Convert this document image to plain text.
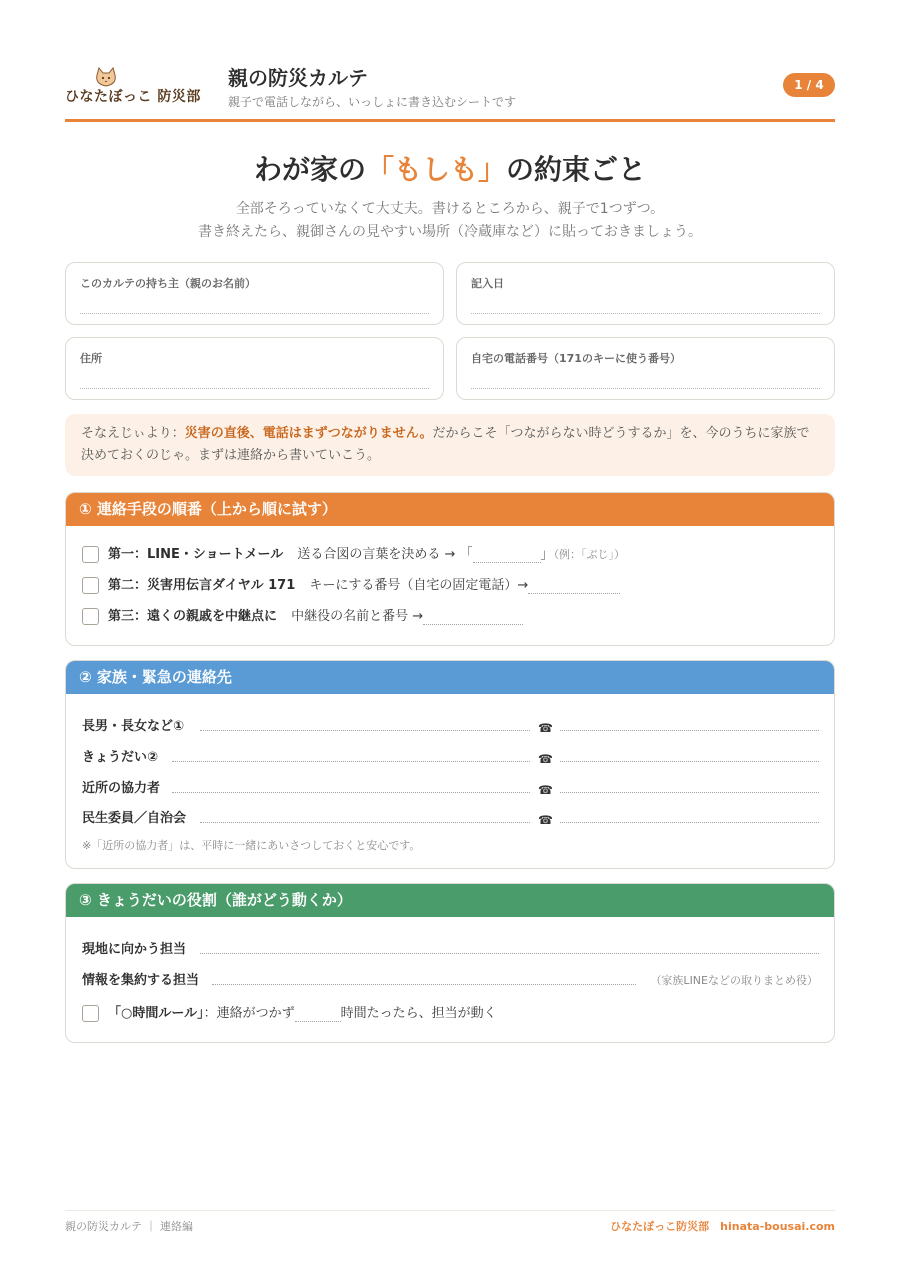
ひなたぼっこ 防災部
親の防災カルテ
親子で電話しながら、いっしょに書き込むシートです
1 / 4
わが家の「もしも」の約束ごと
全部そろっていなくて大丈夫。書けるところから、親子で1つずつ。
書き終えたら、親御さんの見やすい場所（冷蔵庫など）に貼っておきましょう。
このカルテの持ち主（親のお名前）	記入日
住所	自宅の電話番号（171のキーに使う番号）
そなえじぃより：災害の直後、電話はまずつながりません。だからこそ「つながらない時どうするか」を、今のうちに家族で決めておくのじゃ。まずは連絡から書いていこう。
① 連絡手段の順番（上から順に試す）
第一：LINE・ショートメール 送る合図の言葉を決める → 「	」（例：「ぶじ」）
第二：災害用伝言ダイヤル 171 キーにする番号（自宅の固定電話）→
第三：遠くの親戚を中継点に 中継役の名前と番号 →
② 家族・緊急の連絡先
長男・長女など①	☎
きょうだい②	☎
近所の協力者	☎
民生委員／自治会	☎
※「近所の協力者」は、平時に一緒にあいさつしておくと安心です。
③ きょうだいの役割（誰がどう動くか）
現地に向かう担当
情報を集約する担当	（家族LINEなどの取りまとめ役）
「○時間ルール」：連絡がつかず	時間たったら、担当が動く
親の防災カルテ ｜ 連絡編	ひなたぼっこ防災部　hinata-bousai.com
